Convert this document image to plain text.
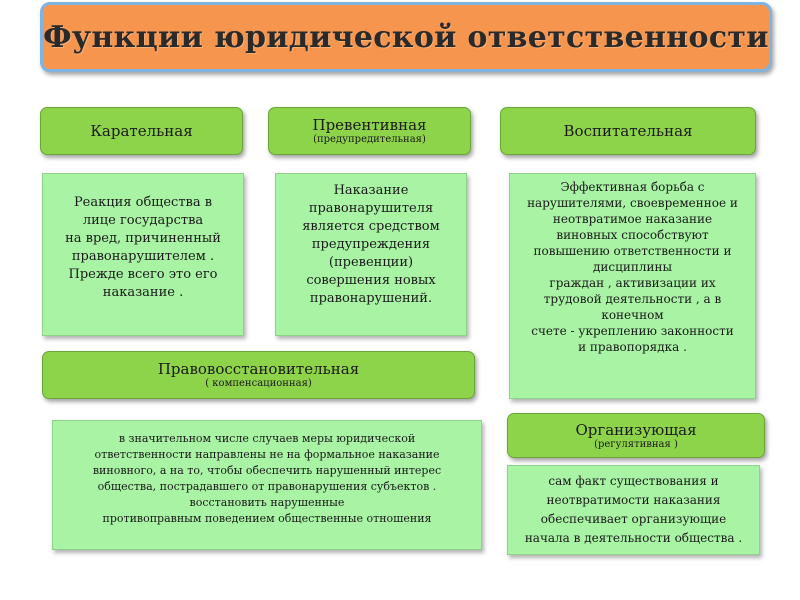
Функции юридической ответственности
Карательная

Реакция общества в
лице государства
на вред, причиненный
правонарушителем .
Прежде всего это его
наказание .

Превентивная
(предупредительная)

Наказание
правонарушителя
является средством
предупреждения
(превенции)
совершения новых
правонарушений.

Воспитательная

Эффективная борьба с
нарушителями, своевременное и
неотвратимое наказание
виновных способствуют
повышению ответственности и
дисциплины
граждан , активизации их
трудовой деятельности , а в
конечном
счете - укреплению законности
и правопорядка .

Правовосстановительная
( компенсационная)

в значительном числе случаев меры юридической
ответственности направлены не на формальное наказание
виновного, а на то, чтобы обеспечить нарушенный интерес
общества, пострадавшего от правонарушения субъектов .
восстановить нарушенные
противоправным поведением общественные отношения

Организующая
(регулятивная )

сам факт существования и
неотвратимости наказания
обеспечивает организующие
начала в деятельности общества .
